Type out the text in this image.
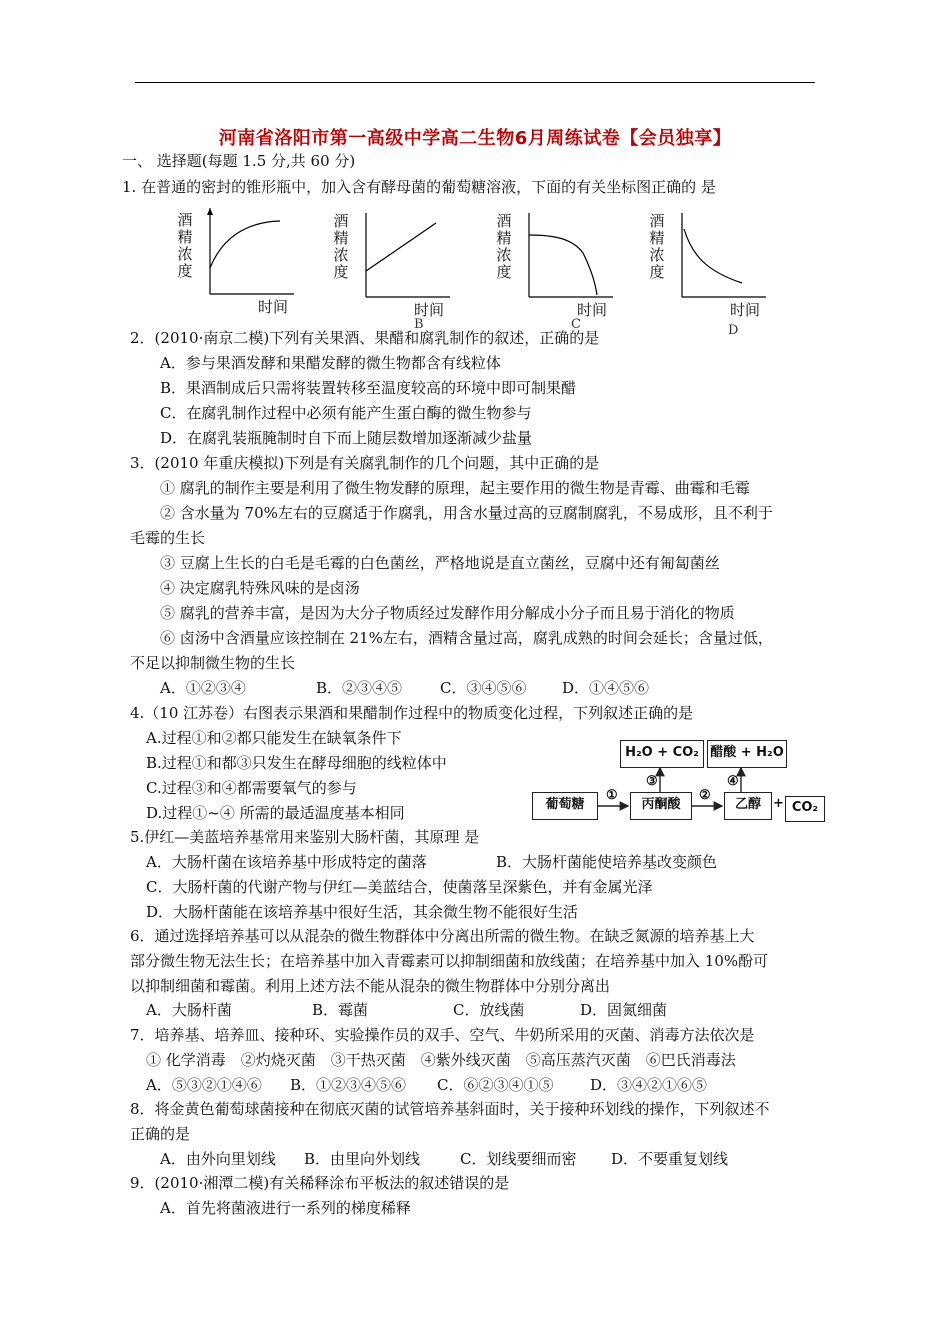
河南省洛阳市第一高级中学高二生物6月周练试卷【会员独享】
一、 选择题(每题 1.5 分,共 60 分)
1. 在普通的密封的锥形瓶中，加入含有酵母菌的葡萄糖溶液，下面的有关坐标图正确的 是
酒
精
浓
度
时间
酒
精
浓
度
时间
B
酒
精
浓
度
时间
C
酒
精
浓
度
时间
D
2．(2010·南京二模)下列有关果酒、果醋和腐乳制作的叙述，正确的是
A．参与果酒发酵和果醋发酵的微生物都含有线粒体
B．果酒制成后只需将装置转移至温度较高的环境中即可制果醋
C．在腐乳制作过程中必须有能产生蛋白酶的微生物参与
D．在腐乳装瓶腌制时自下而上随层数增加逐渐减少盐量
3．(2010 年重庆模拟)下列是有关腐乳制作的几个问题，其中正确的是
① 腐乳的制作主要是利用了微生物发酵的原理，起主要作用的微生物是青霉、曲霉和毛霉
② 含水量为 70%左右的豆腐适于作腐乳，用含水量过高的豆腐制腐乳，不易成形，且不利于
毛霉的生长
③ 豆腐上生长的白毛是毛霉的白色菌丝，严格地说是直立菌丝，豆腐中还有匍匐菌丝
④ 决定腐乳特殊风味的是卤汤
⑤ 腐乳的营养丰富，是因为大分子物质经过发酵作用分解成小分子而且易于消化的物质
⑥ 卤汤中含酒量应该控制在 21%左右，酒精含量过高，腐乳成熟的时间会延长；含量过低，
不足以抑制微生物的生长
A．①②③④	B．②③④⑤	C．③④⑤⑥ D．①④⑤⑥
4.（10 江苏卷）右图表示果酒和果醋制作过程中的物质变化过程，下列叙述正确的是
A.过程①和②都只能发生在缺氧条件下
B.过程①和都③只发生在酵母细胞的线粒体中
C.过程③和④都需要氧气的参与
D.过程①~④ 所需的最适温度基本相同	葡萄糖	丙酮酸	乙醇 + CO₂
H₂O + CO₂ 醋酸 + H₂O
①	②
③	④
5.伊红—美蓝培养基常用来鉴别大肠杆菌，其原理 是
A．大肠杆菌在该培养基中形成特定的菌落	B．大肠杆菌能使培养基改变颜色
C．大肠杆菌的代谢产物与伊红—美蓝结合，使菌落呈深紫色，并有金属光泽
D．大肠杆菌能在该培养基中很好生活，其余微生物不能很好生活
6．通过选择培养基可以从混杂的微生物群体中分离出所需的微生物。在缺乏氮源的培养基上大
部分微生物无法生长；在培养基中加入青霉素可以抑制细菌和放线菌；在培养基中加入 10%酚可
以抑制细菌和霉菌。利用上述方法不能从混杂的微生物群体中分别分离出
A．大肠杆菌	B．霉菌	C．放线菌	D．固氮细菌
7．培养基、培养皿、接种环、实验操作员的双手、空气、牛奶所采用的灭菌、消毒方法依次是
① 化学消毒　②灼烧灭菌　③干热灭菌　④紫外线灭菌　⑤高压蒸汽灭菌　⑥巴氏消毒法
A．⑤③②①④⑥ B．①②③④⑤⑥ C．⑥②③④①⑤ D．③④②①⑥⑤
8．将金黄色葡萄球菌接种在彻底灭菌的试管培养基斜面时，关于接种环划线的操作，下列叙述不
正确的是
A．由外向里划线 B．由里向外划线	C．划线要细而密 D．不要重复划线
9．(2010·湘潭二模)有关稀释涂布平板法的叙述错误的是
A．首先将菌液进行一系列的梯度稀释
